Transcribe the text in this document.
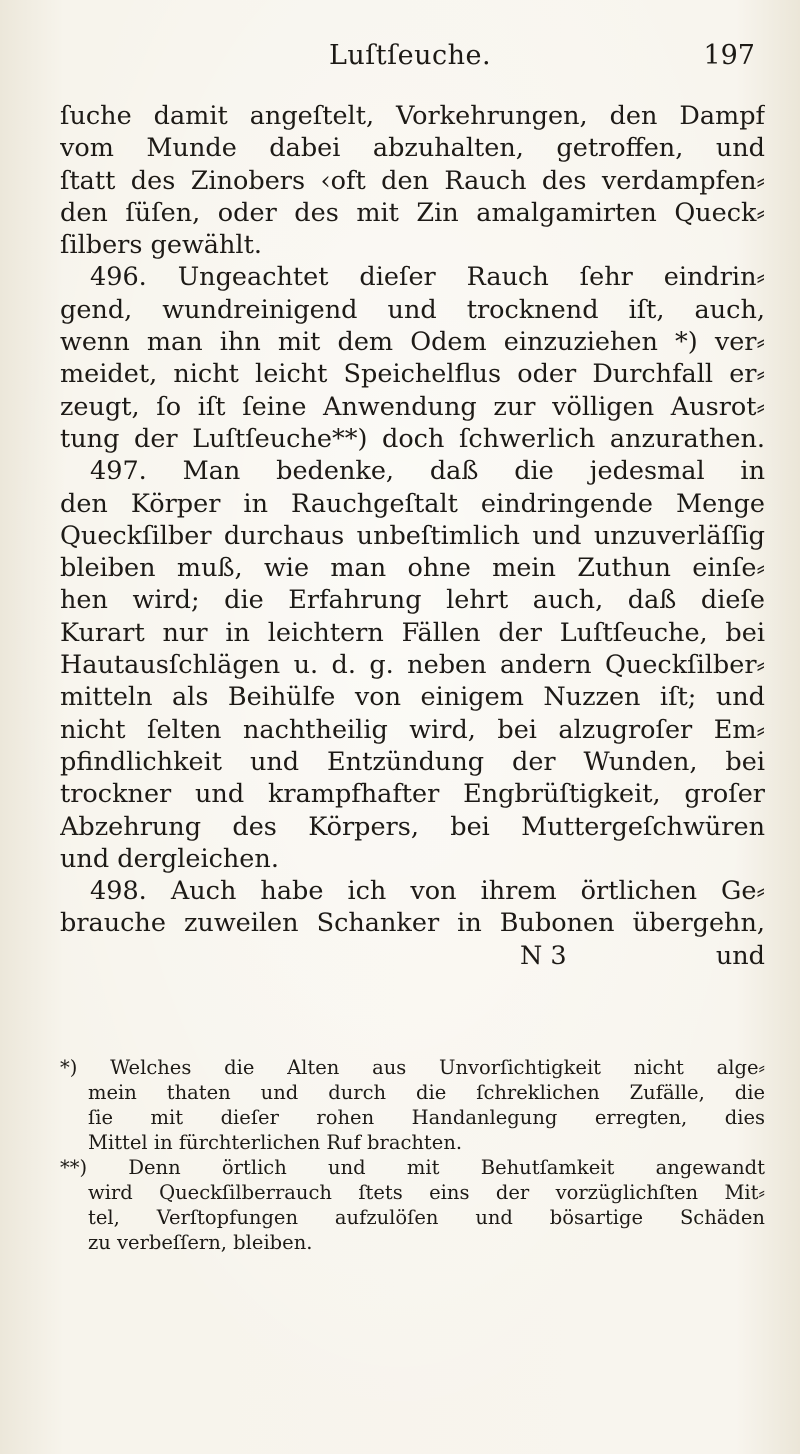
Luſtſeuche.	197
ſuche damit angeſtelt, Vorkehrungen, den Dampf
vom Munde dabei abzuhalten, getroffen, und
ſtatt des Zinobers ‹oft den Rauch des verdampfen⸗
den ſüſen, oder des mit Zin amalgamirten Queck⸗
ſilbers gewählt.
496. Ungeachtet dieſer Rauch ſehr eindrin⸗
gend, wundreinigend und trocknend iſt, auch,
wenn man ihn mit dem Odem einzuziehen *) ver⸗
meidet, nicht leicht Speichelflus oder Durchfall er⸗
zeugt, ſo iſt ſeine Anwendung zur völligen Ausrot⸗
tung der Luſtſeuche**) doch ſchwerlich anzurathen.
497. Man bedenke, daß die jedesmal in
den Körper in Rauchgeſtalt eindringende Menge
Queckſilber durchaus unbeſtimlich und unzuverläſſig
bleiben muß, wie man ohne mein Zuthun einſe⸗
hen wird; die Erfahrung lehrt auch, daß dieſe
Kurart nur in leichtern Fällen der Luſtſeuche, bei
Hautausſchlägen u. d. g. neben andern Queckſilber⸗
mitteln als Beihülfe von einigem Nuzzen iſt; und
nicht ſelten nachtheilig wird, bei alzugroſer Em⸗
pfindlichkeit und Entzündung der Wunden, bei
trockner und krampfhafter Engbrüſtigkeit, groſer
Abzehrung des Körpers, bei Muttergeſchwüren
und dergleichen.
498. Auch habe ich von ihrem örtlichen Ge⸗
brauche zuweilen Schanker in Bubonen übergehn,
N 3	und
*) Welches die Alten aus Unvorſichtigkeit nicht alge⸗
mein thaten und durch die ſchreklichen Zufälle, die
ſie mit dieſer rohen Handanlegung erregten, dies
Mittel in fürchterlichen Ruf brachten.
**) Denn örtlich und mit Behutſamkeit angewandt
wird Queckſilberrauch ſtets eins der vorzüglichſten Mit⸗
tel, Verſtopfungen aufzulöſen und bösartige Schäden
zu verbeſſern, bleiben.
